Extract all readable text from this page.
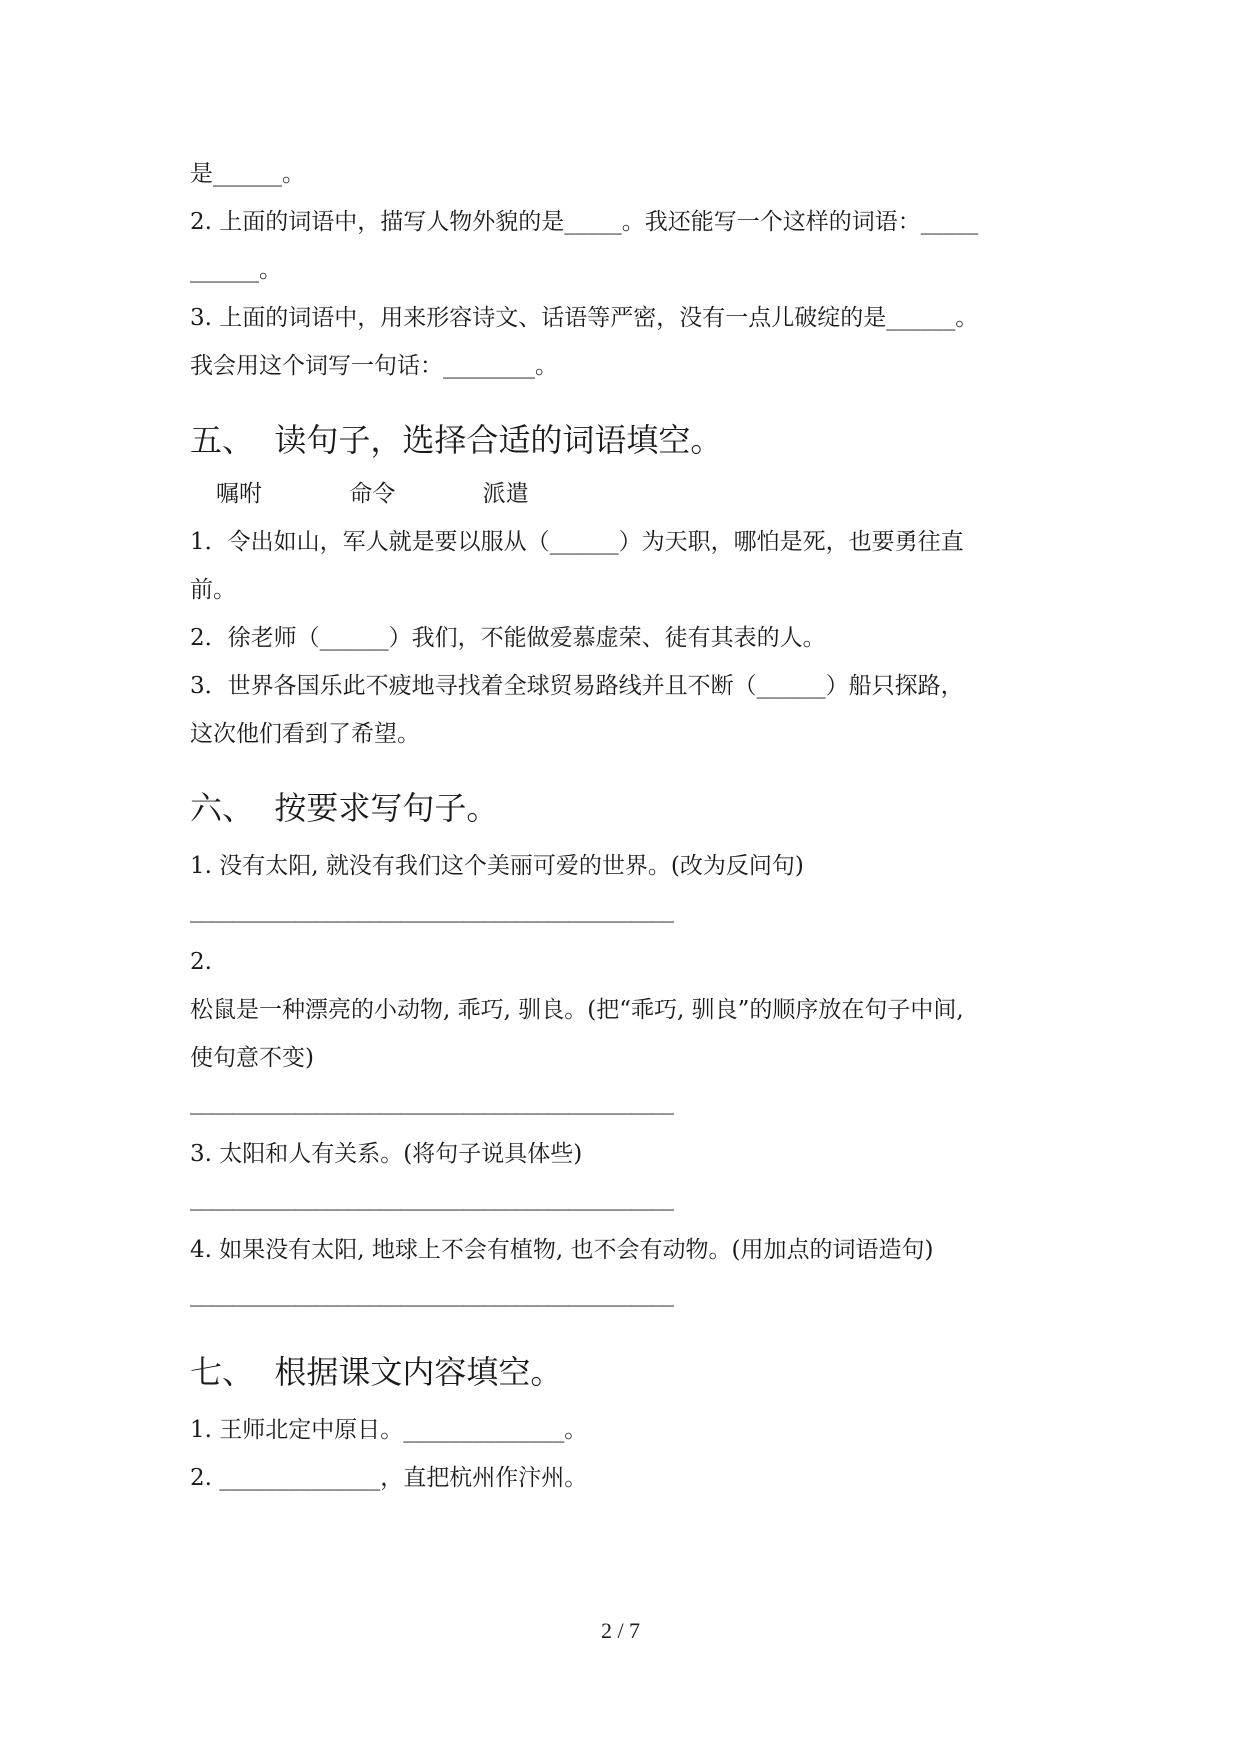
是______。
2. 上面的词语中，描写人物外貌的是_____。我还能写一个这样的词语：_____
______。
3. 上面的词语中，用来形容诗文、话语等严密，没有一点儿破绽的是______。
我会用这个词写一句话：________。
五、  读句子，选择合适的词语填空。
嘱咐	命令	派遣
1．令出如山，军人就是要以服从（______）为天职，哪怕是死，也要勇往直
前。
2．徐老师（______）我们，不能做爱慕虚荣、徒有其表的人。
3．世界各国乐此不疲地寻找着全球贸易路线并且不断（______）船只探路，
这次他们看到了希望。
六、  按要求写句子。
1. 没有太阳, 就没有我们这个美丽可爱的世界。(改为反问句)
______________________________________________
2.
松鼠是一种漂亮的小动物, 乖巧, 驯良。(把“乖巧, 驯良”的顺序放在句子中间,
使句意不变)
______________________________________________
3. 太阳和人有关系。(将句子说具体些)
______________________________________________
4. 如果没有太阳, 地球上不会有植物, 也不会有动物。(用加点的词语造句)
______________________________________________
七、  根据课文内容填空。
1. 王师北定中原日。______________。
2. ______________，直把杭州作汴州。
2 / 7
